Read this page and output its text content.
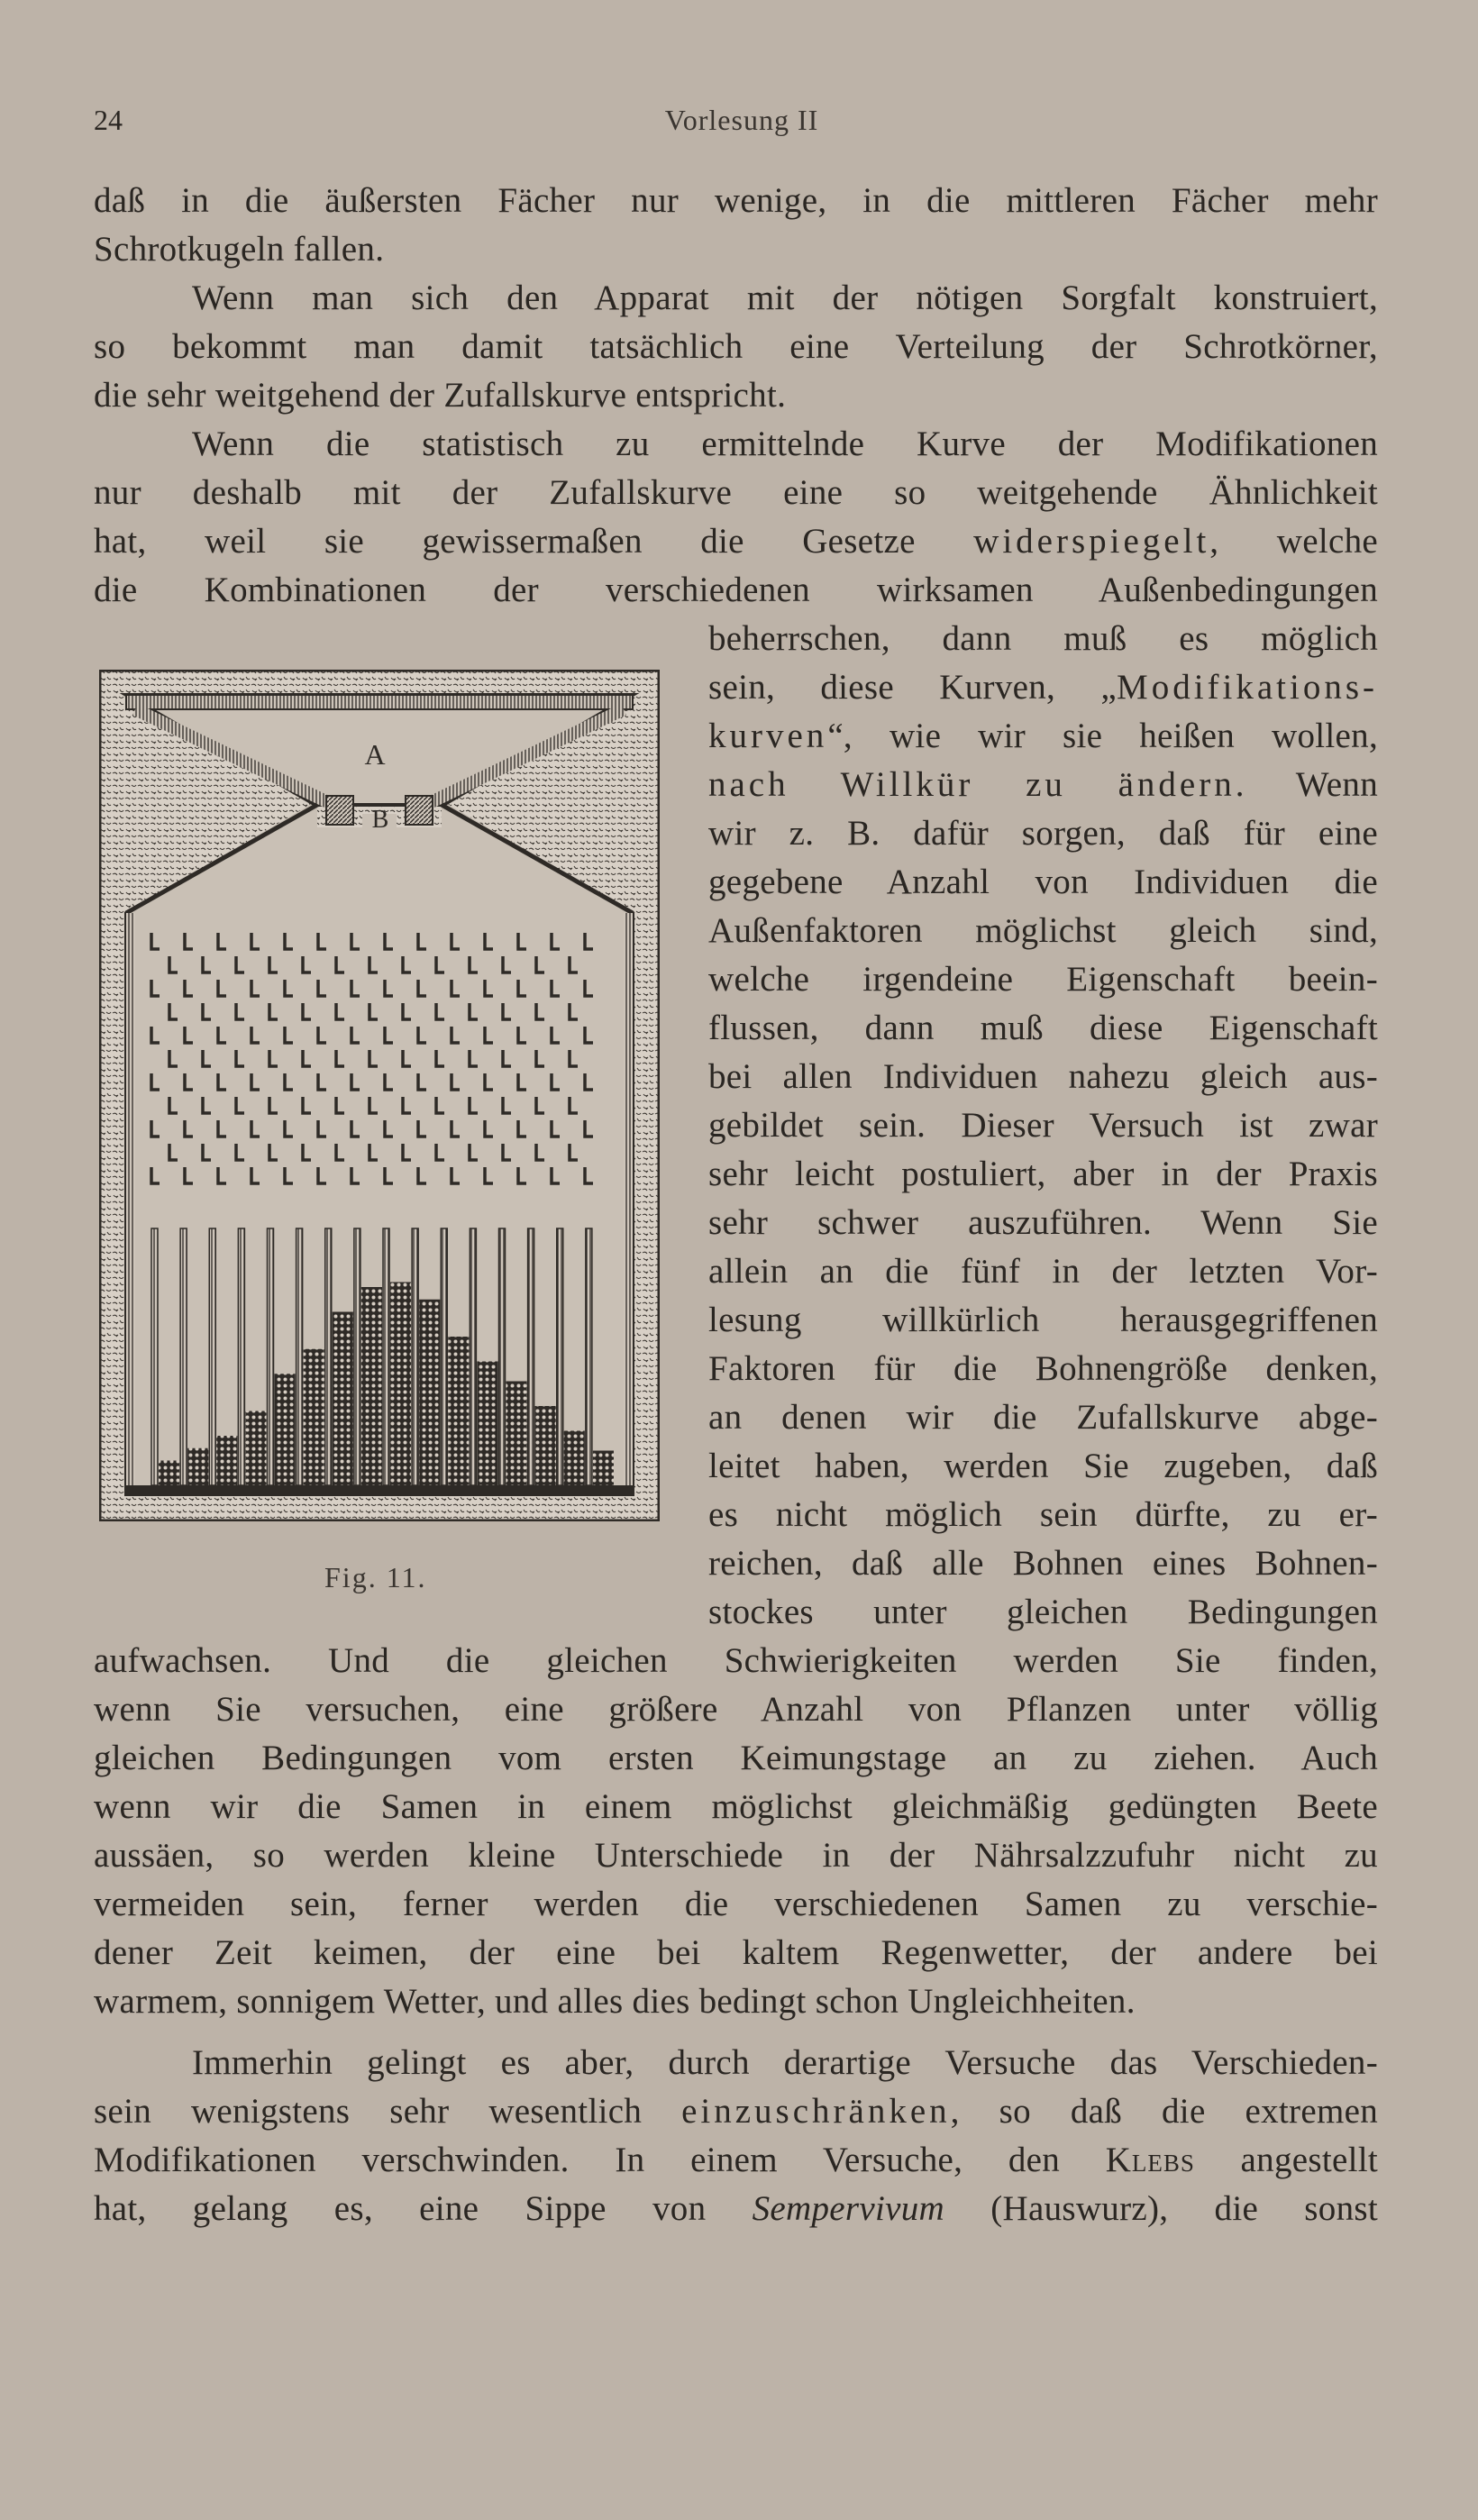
24	Vorlesung II
daß in die äußersten Fächer nur wenige, in die mittleren Fächer mehr
Schrotkugeln fallen.
Wenn man sich den Apparat mit der nötigen Sorgfalt konstruiert,
so bekommt man damit tatsächlich eine Verteilung der Schrotkörner,
die sehr weitgehend der Zufallskurve entspricht.
Wenn die statistisch zu ermittelnde Kurve der Modifikationen
nur deshalb mit der Zufallskurve eine so weitgehende Ähnlichkeit
hat, weil sie gewissermaßen die Gesetze widerspiegelt, welche
die Kombinationen der verschiedenen wirksamen Außenbedingungen
beherrschen, dann muß es möglich
sein, diese Kurven, „Modifikations-
kurven“, wie wir sie heißen wollen,
nach Willkür zu ändern. Wenn
wir z. B. dafür sorgen, daß für eine
gegebene Anzahl von Individuen die
Außenfaktoren möglichst gleich sind,
welche irgendeine Eigenschaft beein-
flussen, dann muß diese Eigenschaft
bei allen Individuen nahezu gleich aus-
gebildet sein. Dieser Versuch ist zwar
sehr leicht postuliert, aber in der Praxis
sehr schwer auszuführen. Wenn Sie
allein an die fünf in der letzten Vor-
lesung willkürlich herausgegriffenen
Faktoren für die Bohnengröße denken,
an denen wir die Zufallskurve abge-
leitet haben, werden Sie zugeben, daß
es nicht möglich sein dürfte, zu er-
reichen, daß alle Bohnen eines Bohnen-
stockes unter gleichen Bedingungen
aufwachsen. Und die gleichen Schwierigkeiten werden Sie finden,
wenn Sie versuchen, eine größere Anzahl von Pflanzen unter völlig
gleichen Bedingungen vom ersten Keimungstage an zu ziehen. Auch
wenn wir die Samen in einem möglichst gleichmäßig gedüngten Beete
aussäen, so werden kleine Unterschiede in der Nährsalzzufuhr nicht zu
vermeiden sein, ferner werden die verschiedenen Samen zu verschie-
dener Zeit keimen, der eine bei kaltem Regenwetter, der andere bei
warmem, sonnigem Wetter, und alles dies bedingt schon Ungleichheiten.
Immerhin gelingt es aber, durch derartige Versuche das Verschieden-
sein wenigstens sehr wesentlich einzuschränken, so daß die extremen
Modifikationen verschwinden. In einem Versuche, den Klebs angestellt
hat, gelang es, eine Sippe von Sempervivum (Hauswurz), die sonst
A
B
Fig. 11.
